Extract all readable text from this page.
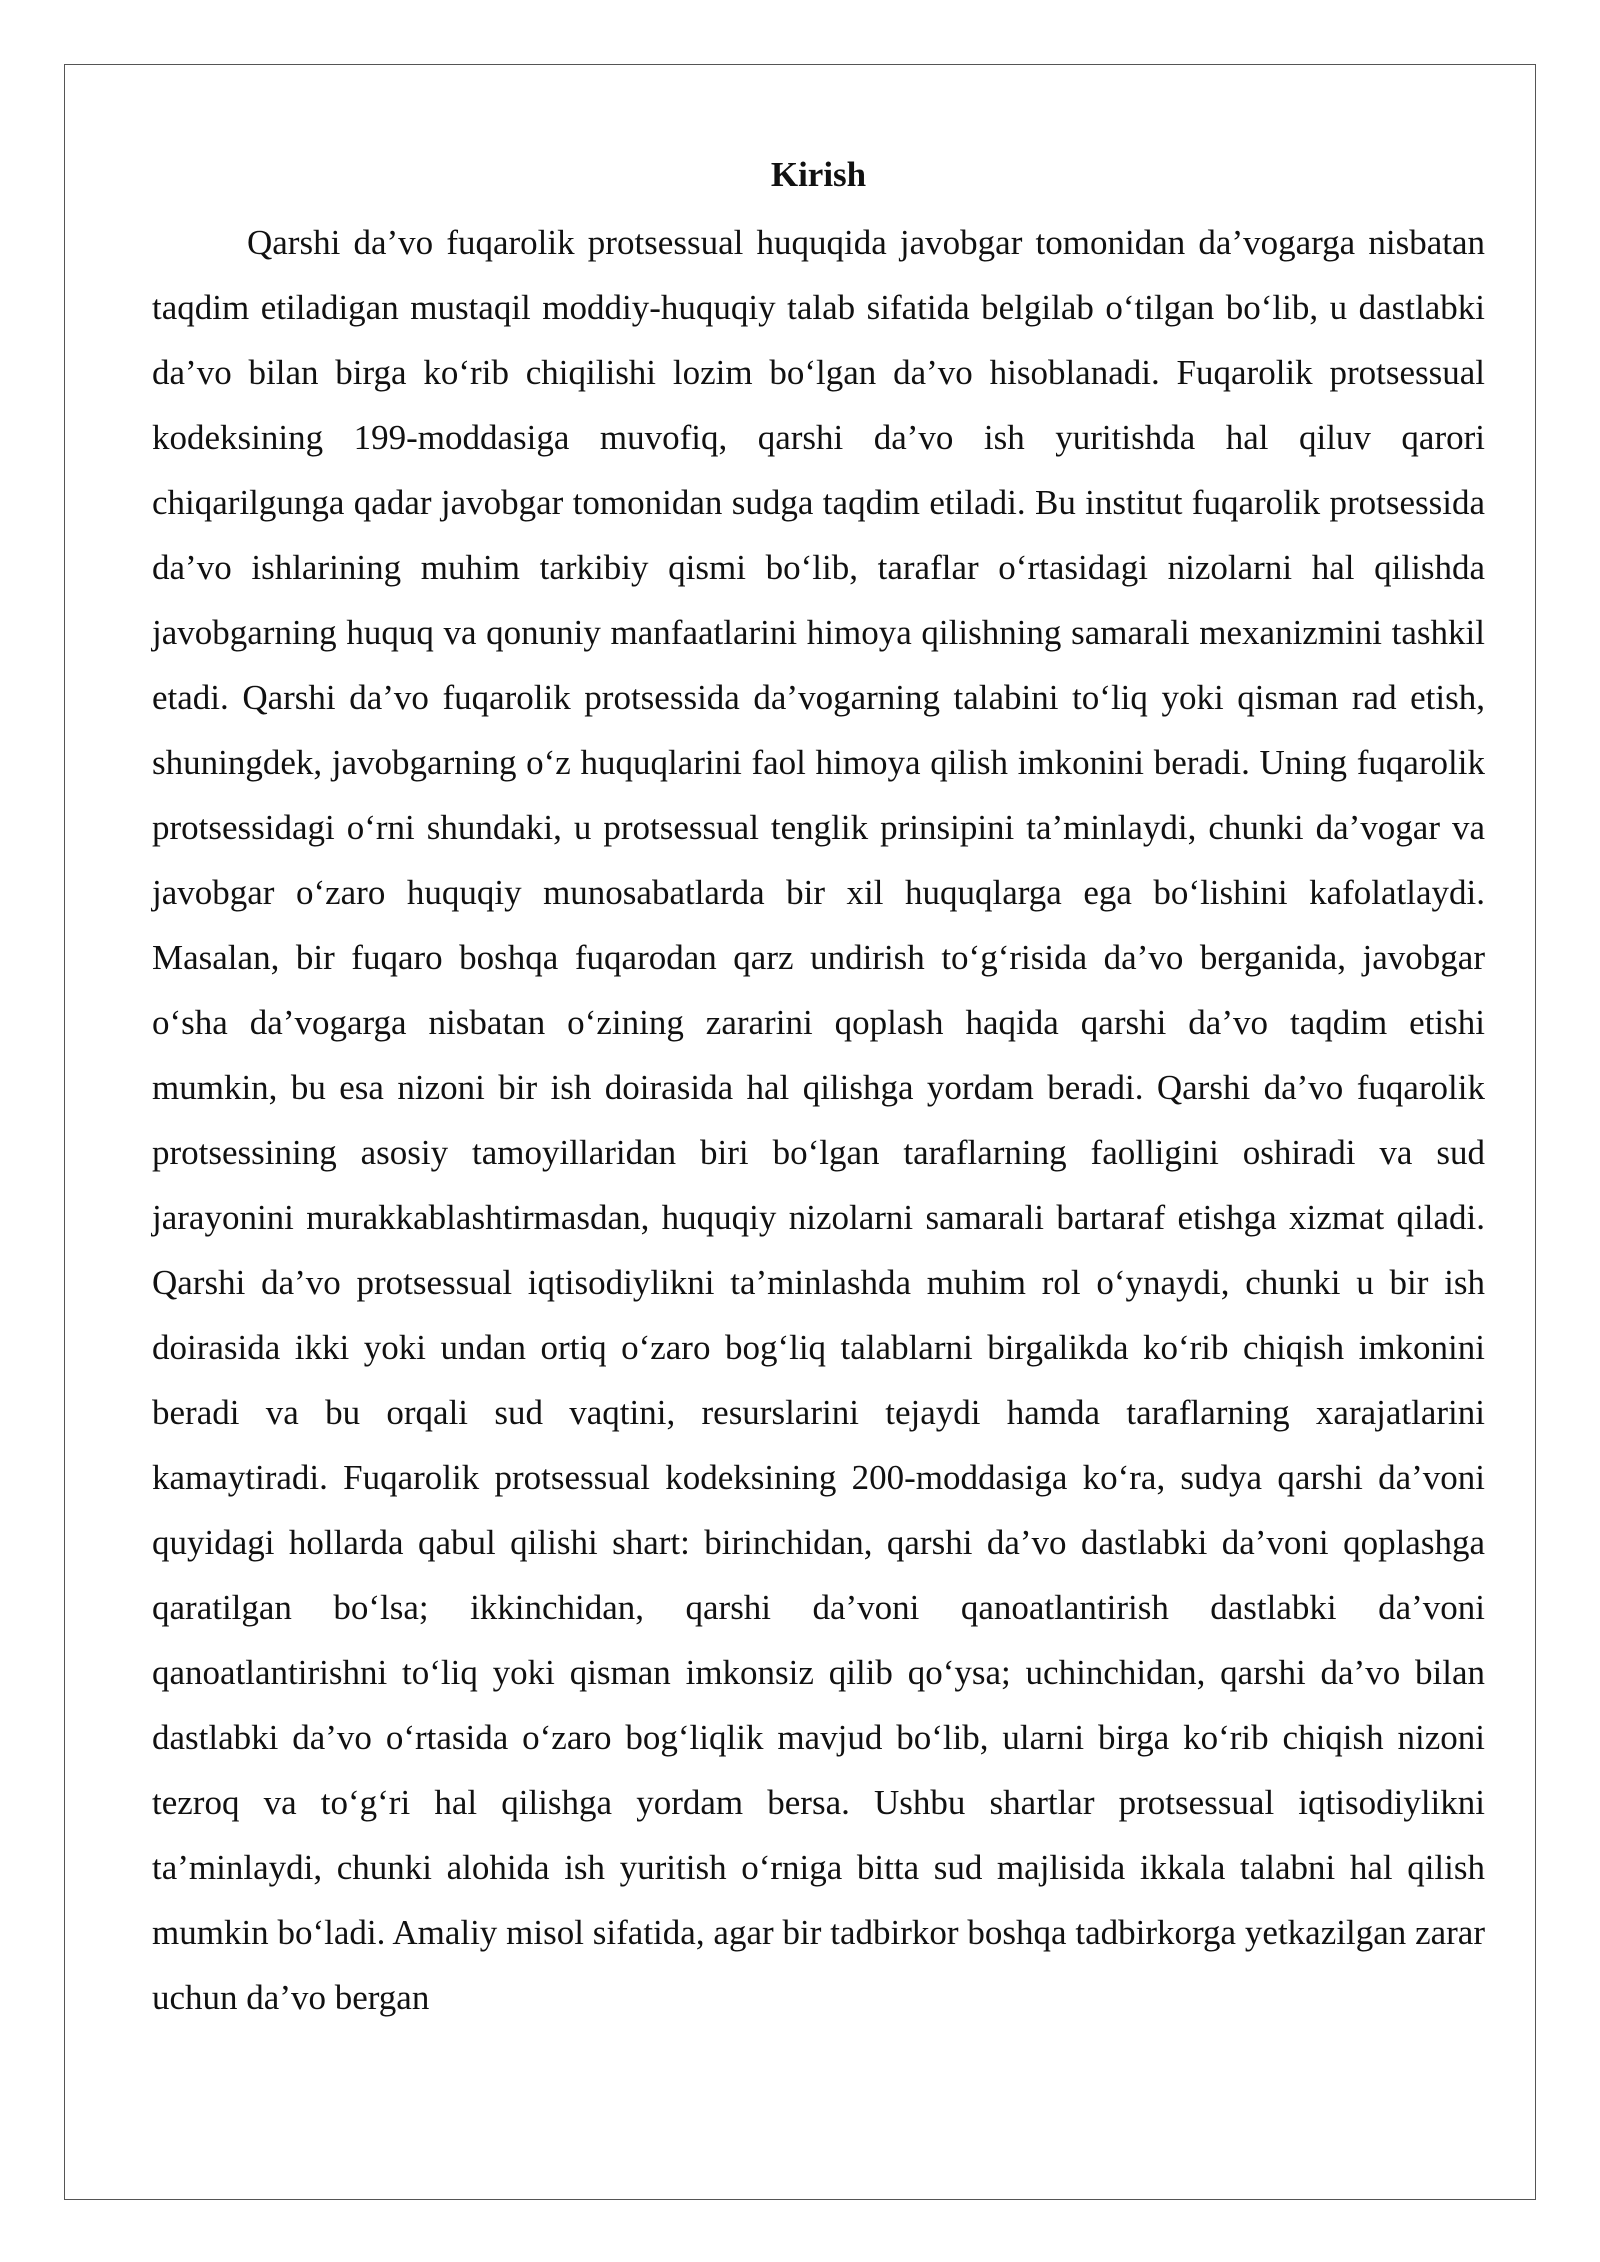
Kirish

Qarshi da’vo fuqarolik protsessual huquqida javobgar tomonidan da’vogarga nisbatan taqdim etiladigan mustaqil moddiy-huquqiy talab sifatida belgilab o‘tilgan bo‘lib, u dastlabki da’vo bilan birga ko‘rib chiqilishi lozim bo‘lgan da’vo hisoblanadi. Fuqarolik protsessual kodeksining 199-moddasiga muvofiq, qarshi da’vo ish yuritishda hal qiluv qarori chiqarilgunga qadar javobgar tomonidan sudga taqdim etiladi. Bu institut fuqarolik protsessida da’vo ishlarining muhim tarkibiy qismi bo‘lib, taraflar o‘rtasidagi nizolarni hal qilishda javobgarning huquq va qonuniy manfaatlarini himoya qilishning samarali mexanizmini tashkil etadi. Qarshi da’vo fuqarolik protsessida da’vogarning talabini to‘liq yoki qisman rad etish, shuningdek, javobgarning o‘z huquqlarini faol himoya qilish imkonini beradi. Uning fuqarolik protsessidagi o‘rni shundaki, u protsessual tenglik prinsipini ta’minlaydi, chunki da’vogar va javobgar o‘zaro huquqiy munosabatlarda bir xil huquqlarga ega bo‘lishini kafolatlaydi. Masalan, bir fuqaro boshqa fuqarodan qarz undirish to‘g‘risida da’vo berganida, javobgar o‘sha da’vogarga nisbatan o‘zining zararini qoplash haqida qarshi da’vo taqdim etishi mumkin, bu esa nizoni bir ish doirasida hal qilishga yordam beradi. Qarshi da’vo fuqarolik protsessining asosiy tamoyillaridan biri bo‘lgan taraflarning faolligini oshiradi va sud jarayonini murakkablashtirmasdan, huquqiy nizolarni samarali bartaraf etishga xizmat qiladi. Qarshi da’vo protsessual iqtisodiylikni ta’minlashda muhim rol o‘ynaydi, chunki u bir ish doirasida ikki yoki undan ortiq o‘zaro bog‘liq talablarni birgalikda ko‘rib chiqish imkonini beradi va bu orqali sud vaqtini, resurslarini tejaydi hamda taraflarning xarajatlarini kamaytiradi. Fuqarolik protsessual kodeksining 200-moddasiga ko‘ra, sudya qarshi da’voni quyidagi hollarda qabul qilishi shart: birinchidan, qarshi da’vo dastlabki da’voni qoplashga qaratilgan bo‘lsa; ikkinchidan, qarshi da’voni qanoatlantirish dastlabki da’voni qanoatlantirishni to‘liq yoki qisman imkonsiz qilib qo‘ysa; uchinchidan, qarshi da’vo bilan dastlabki da’vo o‘rtasida o‘zaro bog‘liqlik mavjud bo‘lib, ularni birga ko‘rib chiqish nizoni tezroq va to‘g‘ri hal qilishga yordam bersa. Ushbu shartlar protsessual iqtisodiylikni ta’minlaydi, chunki alohida ish yuritish o‘rniga bitta sud majlisida ikkala talabni hal qilish mumkin bo‘ladi. Amaliy misol sifatida, agar bir tadbirkor boshqa tadbirkorga yetkazilgan zarar uchun da’vo bergan
